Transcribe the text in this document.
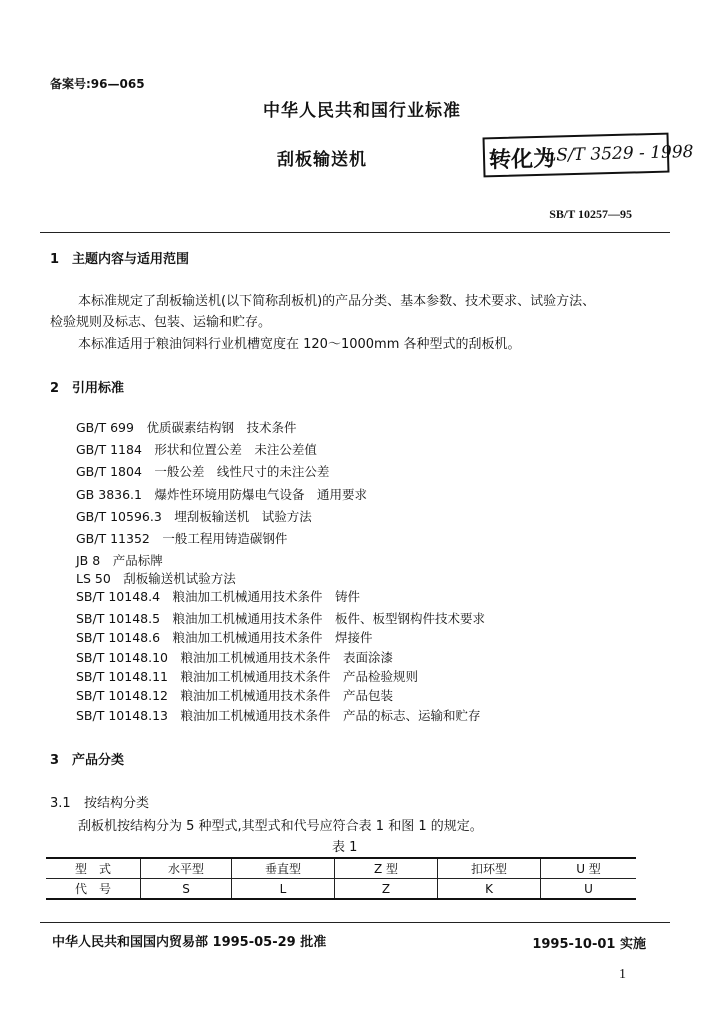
备案号:96—065
中华人民共和国行业标准
刮板输送机	转化为
LS/T 3529 - 1998
SB/T 10257—95
1 主题内容与适用范围
本标准规定了刮板输送机(以下简称刮板机)的产品分类、基本参数、技术要求、试验方法、
检验规则及标志、包装、运输和贮存。
本标准适用于粮油饲料行业机槽宽度在 120～1000mm 各种型式的刮板机。
2 引用标准
GB/T 699　优质碳素结构钢　技术条件
GB/T 1184　形状和位置公差　未注公差值
GB/T 1804　一般公差　线性尺寸的未注公差
GB 3836.1　爆炸性环境用防爆电气设备　通用要求
GB/T 10596.3　埋刮板输送机　试验方法
GB/T 11352　一般工程用铸造碳钢件
JB 8　产品标牌
LS 50　刮板输送机试验方法
SB/T 10148.4　粮油加工机械通用技术条件　铸件
SB/T 10148.5　粮油加工机械通用技术条件　板件、板型钢构件技术要求
SB/T 10148.6　粮油加工机械通用技术条件　焊接件
SB/T 10148.10　粮油加工机械通用技术条件　表面涂漆
SB/T 10148.11　粮油加工机械通用技术条件　产品检验规则
SB/T 10148.12　粮油加工机械通用技术条件　产品包装
SB/T 10148.13　粮油加工机械通用技术条件　产品的标志、运输和贮存
3 产品分类
3.1 按结构分类
刮板机按结构分为 5 种型式,其型式和代号应符合表 1 和图 1 的规定。
表 1
型　式	水平型	垂直型	Z 型	扣环型	U 型
代　号	S	L	Z	K	U
中华人民共和国国内贸易部 1995-05-29 批准	1995-10-01 实施
1
